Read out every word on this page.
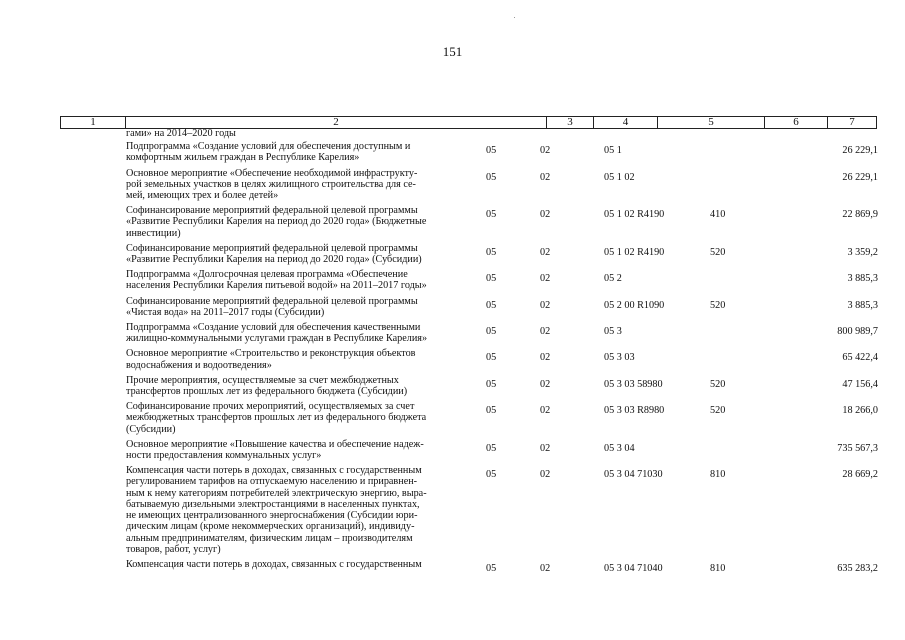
151
1	2	3	4	5	6	7
гами» на 2014–2020 годы
Подпрограмма «Создание условий для обеспечения доступным и
комфортным жильем граждан в Республике Карелия»
05	02	05 1	26 229,1
Основное мероприятие «Обеспечение необходимой инфраструкту-
рой земельных участков в целях жилищного строительства для се-
мей, имеющих трех и более детей»
05	02	05 1 02	26 229,1
Софинансирование мероприятий федеральной целевой программы
«Развитие Республики Карелия на период до 2020 года» (Бюджетные
инвестиции)
05	02	05 1 02 R4190	410	22 869,9
Софинансирование мероприятий федеральной целевой программы
«Развитие Республики Карелия на период до 2020 года» (Субсидии)
05	02	05 1 02 R4190	520	3 359,2
Подпрограмма «Долгосрочная целевая программа «Обеспечение
населения Республики Карелия питьевой водой» на 2011–2017 годы»
05	02	05 2	3 885,3
Софинансирование мероприятий федеральной целевой программы
«Чистая вода» на 2011–2017 годы (Субсидии)
05	02	05 2 00 R1090	520	3 885,3
Подпрограмма «Создание условий для обеспечения качественными
жилищно-коммунальными услугами граждан в Республике Карелия»
05	02	05 3	800 989,7
Основное мероприятие «Строительство и реконструкция объектов
водоснабжения и водоотведения»
05	02	05 3 03	65 422,4
Прочие мероприятия, осуществляемые за счет межбюджетных
трансфертов прошлых лет из федерального бюджета (Субсидии)
05	02	05 3 03 58980	520	47 156,4
Софинансирование прочих мероприятий, осуществляемых за счет
межбюджетных трансфертов прошлых лет из федерального бюджета
(Субсидии)
05	02	05 3 03 R8980	520	18 266,0
Основное мероприятие «Повышение качества и обеспечение надеж-
ности предоставления коммунальных услуг»
05	02	05 3 04	735 567,3
Компенсация части потерь в доходах, связанных с государственным
регулированием тарифов на отпускаемую населению и приравнен-
ным к нему категориям потребителей электрическую энергию, выра-
батываемую дизельными электростанциями в населенных пунктах,
не имеющих централизованного энергоснабжения (Субсидии юри-
дическим лицам (кроме некоммерческих организаций), индивиду-
альным предпринимателям, физическим лицам – производителям
товаров, работ, услуг)
05	02	05 3 04 71030	810	28 669,2
Компенсация части потерь в доходах, связанных с государственным	05	02	05 3 04 71040	810	635 283,2
